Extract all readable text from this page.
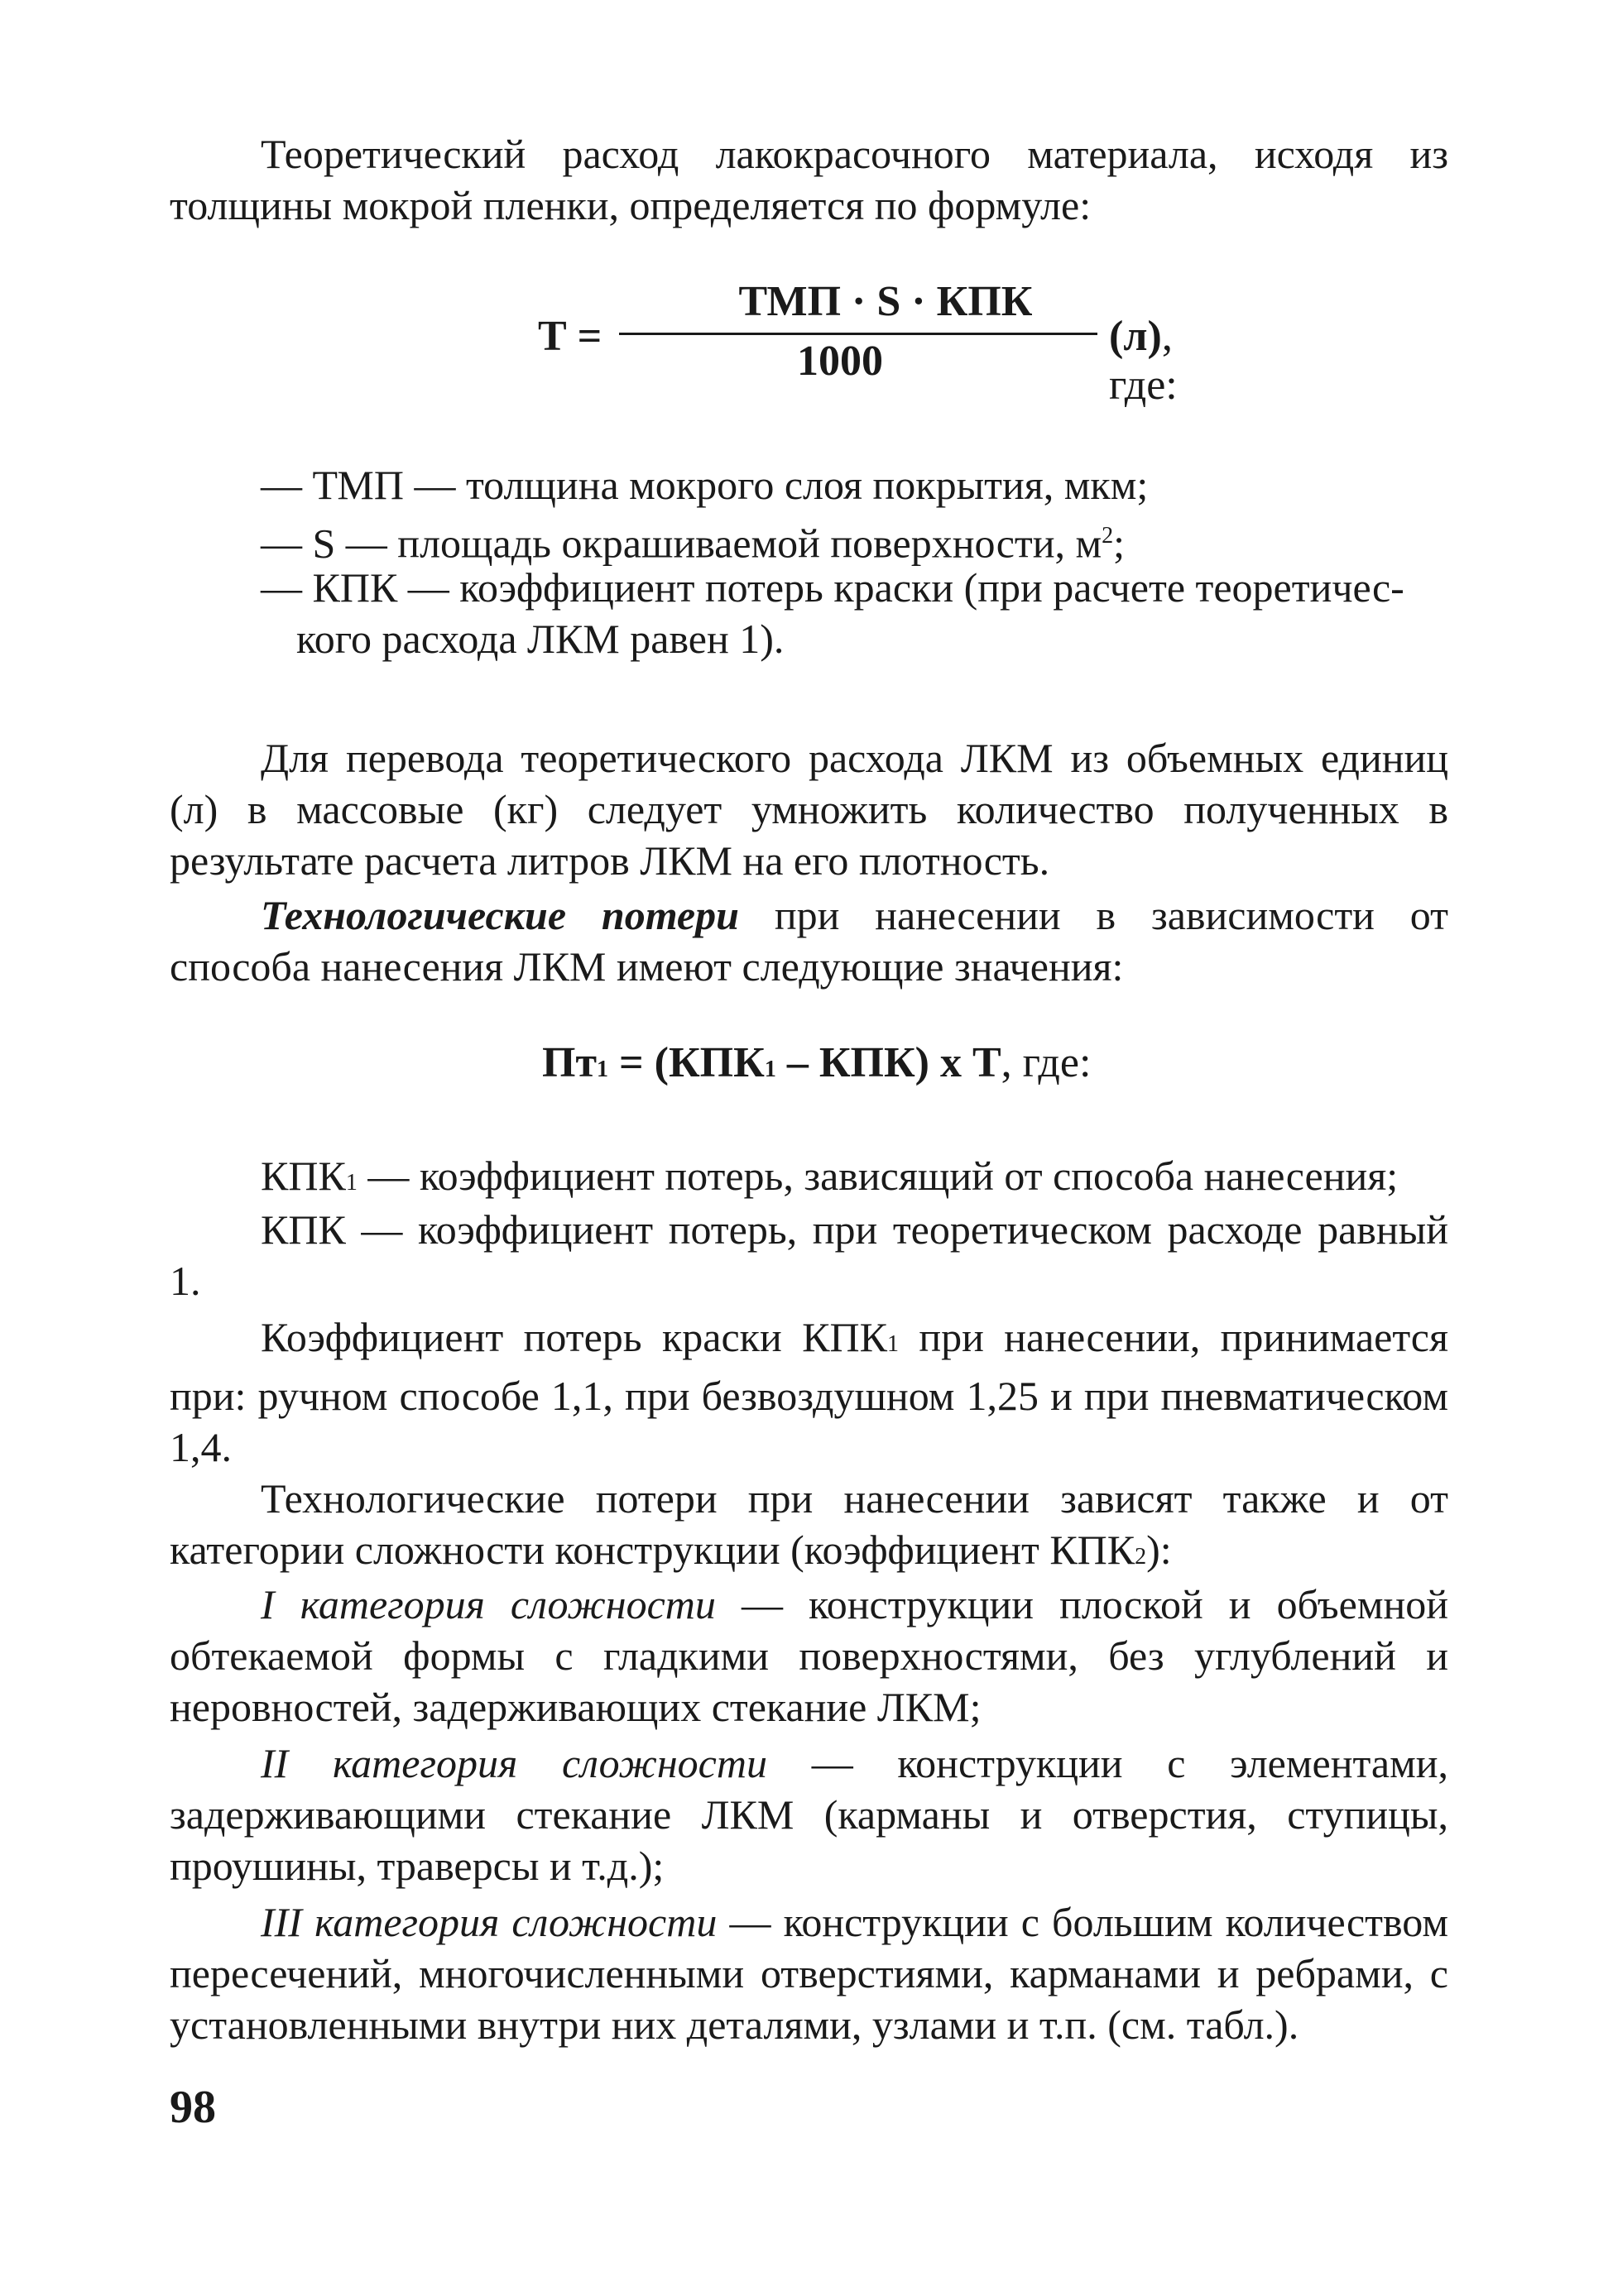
Теоретический расход лакокрасочного материала, исходя из толщины мокрой пленки, определяется по формуле:

Т =
ТМП · S · КПК
1000
(л), где:

— ТМП — толщина мокрого слоя покрытия, мкм;

— S — площадь окрашиваемой поверхности, $м^2$;

— КПК — коэффициент потерь краски (при расчете теоретичес-

кого расхода ЛКМ равен 1).

Для перевода теоретического расхода ЛКМ из объемных единиц (л) в массовые (кг) следует умножить количество полученных в результате расчета литров ЛКМ на его плотность.

Технологические потери при нанесении в зависимости от способа нанесения ЛКМ имеют следующие значения:

Пт1 = (КПК1 – КПК) х Т, где:

КПК1 — коэффициент потерь, зависящий от способа нанесения;

КПК — коэффициент потерь, при теоретическом расходе равный 1.

Коэффициент потерь краски КПК1 при нанесении, принимается при: ручном способе 1,1, при безвоздушном 1,25 и при пневматическом 1,4.

Технологические потери при нанесении зависят также и от категории сложности конструкции (коэффициент КПК2):

I категория сложности — конструкции плоской и объемной обтекаемой формы с гладкими поверхностями, без углублений и неровностей, задерживающих стекание ЛКМ;

II категория сложности — конструкции с элементами, задерживающими стекание ЛКМ (карманы и отверстия, ступицы, проушины, траверсы и т.д.);

III категория сложности — конструкции с большим количеством пересечений, многочисленными отверстиями, карманами и ребрами, с установленными внутри них деталями, узлами и т.п. (см. табл.).

98
